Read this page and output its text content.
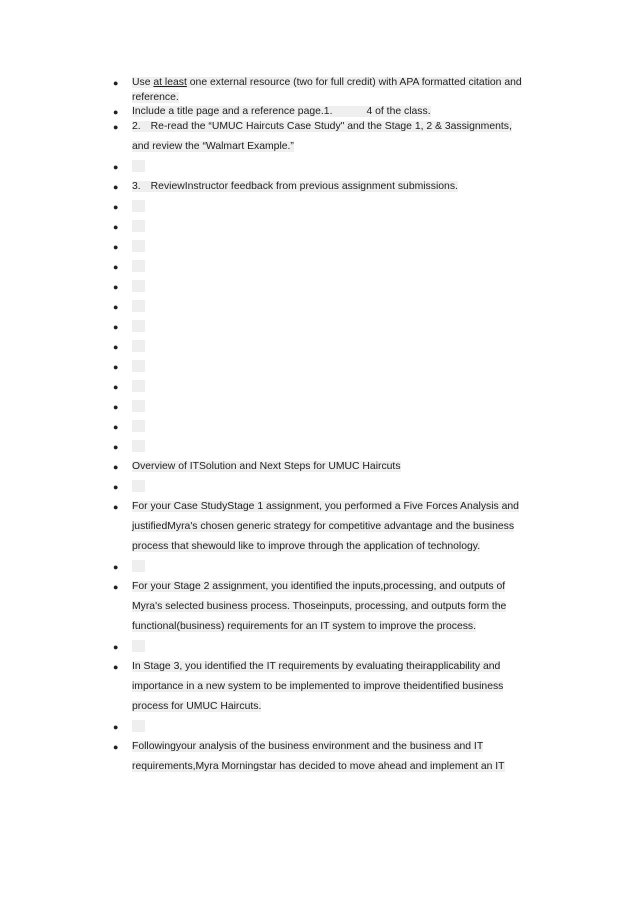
● Use at least one external resource (two for full credit) with APA formatted citation and
reference.
● Include a title page and a reference page.1.	4 of the class.
● 2. Re-read the “UMUC Haircuts Case Study" and the Stage 1, 2 & 3assignments,
and review the “Walmart Example.”
●
● 3. ReviewInstructor feedback from previous assignment submissions.
●
●
●
●
●
●
●
●
●
●
●
●
●
● Overview of ITSolution and Next Steps for UMUC Haircuts
●
● For your Case StudyStage 1 assignment, you performed a Five Forces Analysis and
justifiedMyra's chosen generic strategy for competitive advantage and the business
process that shewould like to improve through the application of technology.
●
● For your Stage 2 assignment, you identified the inputs,processing, and outputs of
Myra's selected business process. Thoseinputs, processing, and outputs form the
functional(business) requirements for an IT system to improve the process.
●
● In Stage 3, you identified the IT requirements by evaluating theirapplicability and
importance in a new system to be implemented to improve theidentified business
process for UMUC Haircuts.
●
● Followingyour analysis of the business environment and the business and IT
requirements,Myra Morningstar has decided to move ahead and implement an IT
